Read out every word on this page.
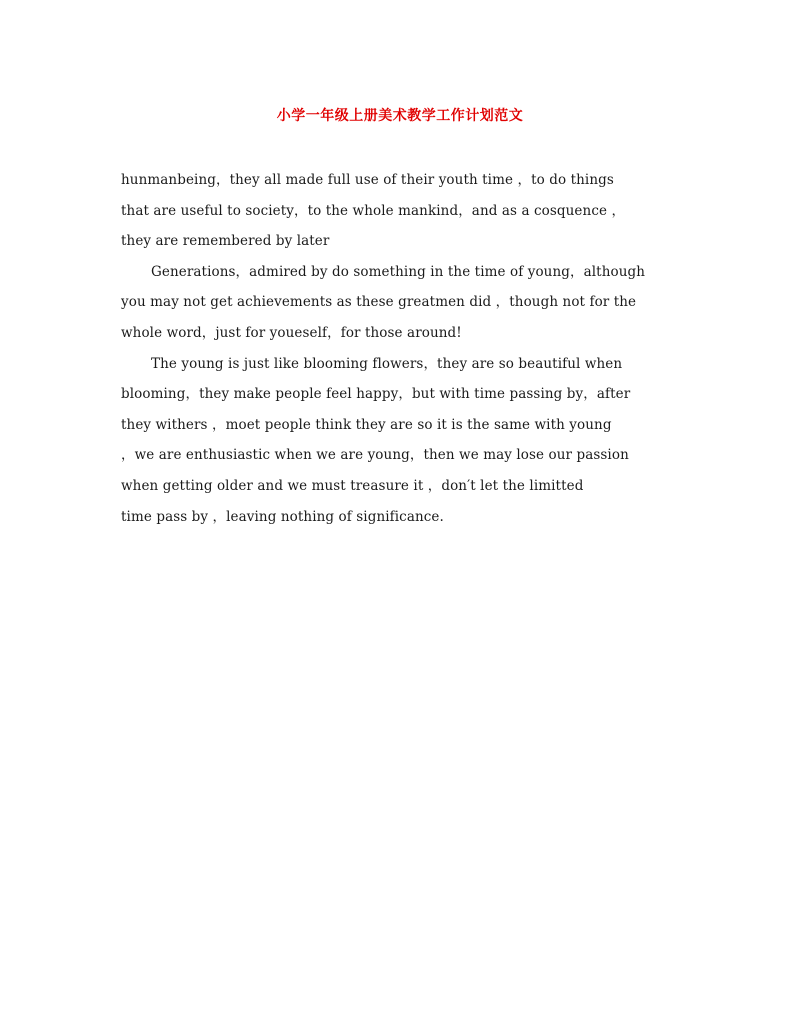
小学一年级上册美术教学工作计划范文
hunmanbeing，they all made full use of their youth time ，to do things
that are useful to society，to the whole mankind，and as a cosquence ，
they are remembered by later
Generations，admired by do something in the time of young，although
you may not get achievements as these greatmen did ，though not for the
whole word，just for youeself，for those around!
The young is just like blooming flowers，they are so beautiful when
blooming，they make people feel happy，but with time passing by，after
they withers ，moet people think they are so it is the same with young
，we are enthusiastic when we are young，then we may lose our passion
when getting older and we must treasure it ，don′t let the limitted
time pass by ，leaving nothing of significance.
